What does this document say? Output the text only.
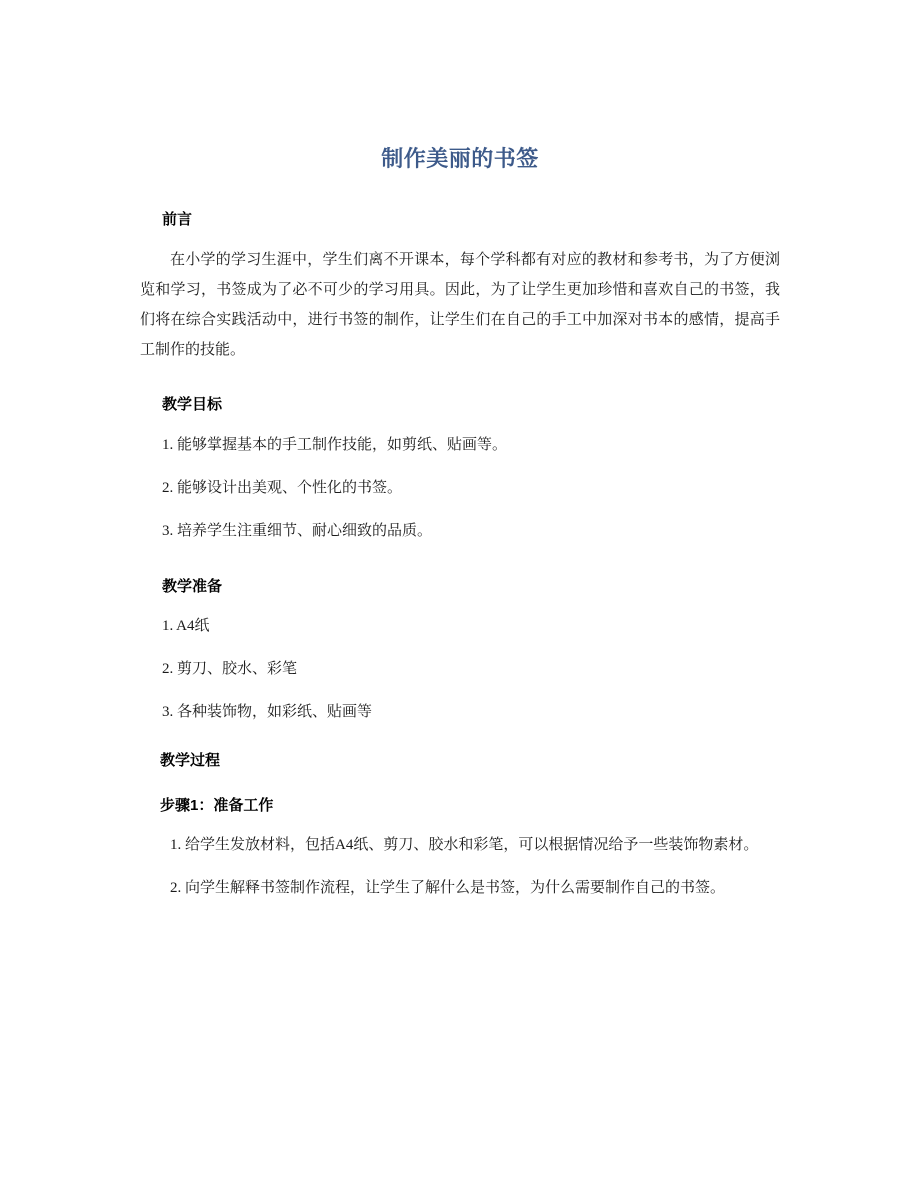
制作美丽的书签
前言

在小学的学习生涯中，学生们离不开课本，每个学科都有对应的教材和参考书，为了方便浏览和学习，书签成为了必不可少的学习用具。因此，为了让学生更加珍惜和喜欢自己的书签，我们将在综合实践活动中，进行书签的制作，让学生们在自己的手工中加深对书本的感情，提高手工制作的技能。

教学目标

1. 能够掌握基本的手工制作技能，如剪纸、贴画等。

2. 能够设计出美观、个性化的书签。

3. 培养学生注重细节、耐心细致的品质。

教学准备

1. A4纸

2. 剪刀、胶水、彩笔

3. 各种装饰物，如彩纸、贴画等

教学过程
步骤1：准备工作

1. 给学生发放材料，包括A4纸、剪刀、胶水和彩笔，可以根据情况给予一些装饰物素材。

2. 向学生解释书签制作流程，让学生了解什么是书签，为什么需要制作自己的书签。
